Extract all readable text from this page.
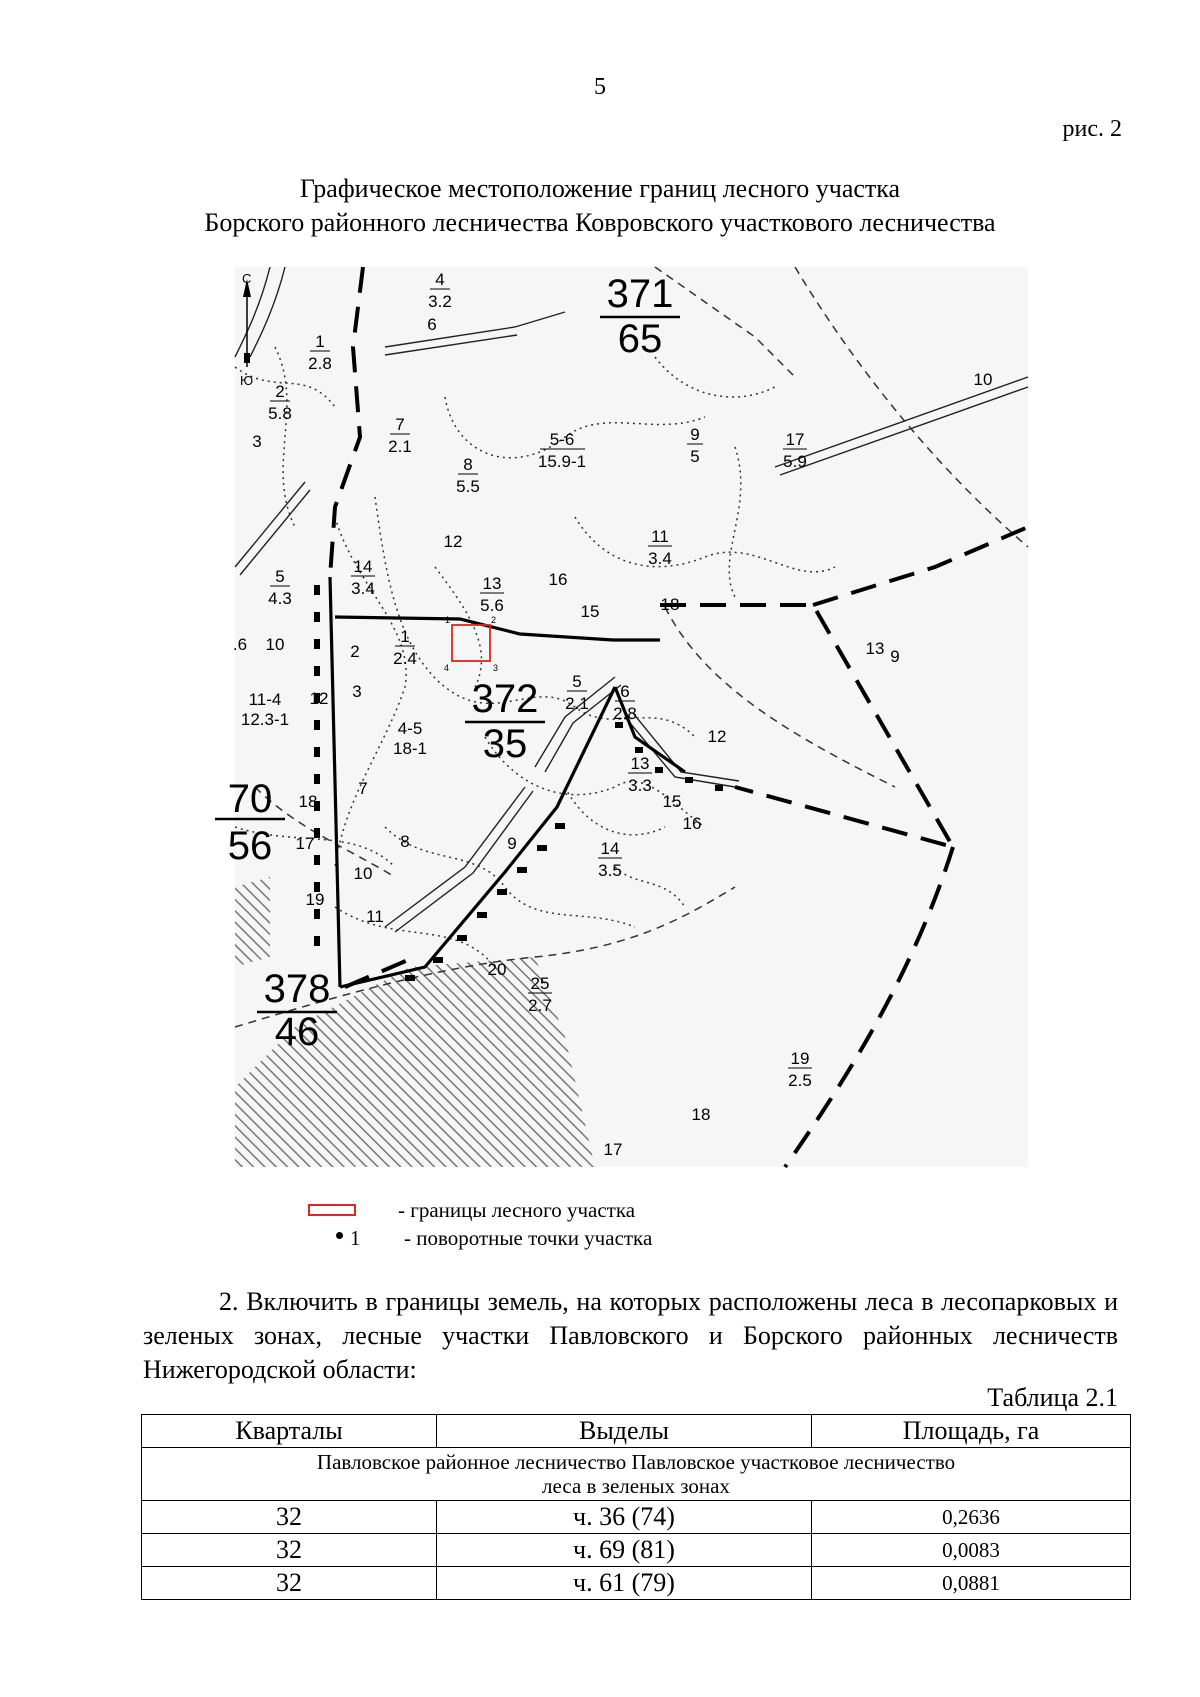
5
рис. 2
Графическое местоположение границ лесного участка
Борского районного лесничества Ковровского участкового лесничества
С
Ю
1	2
3
4
371
65
372
35
378
46
70
56
4
3.2
1
2.8
2
5.8
7
2.1
8
5.5
5-6
15.9-1
9
5
17
5.9
11
3.4
5
4.3
14
3.4	13
5.6
1
2.4
5
2.1
6
2.8
13
3.3
14
3.5
25
2.7
19
2.5
3
6
10
12
16
15	18
9
.6 10	2
3
11-4
12.3-1
12
4-5
18-1
18
17
7
8	9
10
11
19
12
15
16
13
20
17
18
- границы лесного участка
1 - поворотные точки участка
2. Включить в границы земель, на которых расположены леса в лесопарковых и зеленых зонах, лесные участки Павловского и Борского районных лесничеств Нижегородской области:
Таблица 2.1
Кварталы	Выделы	Площадь, га

Павловское районное лесничество Павловское участковое лесничество
леса в зеленых зонах		

32	ч. 36 (74)	0,2636
32	ч. 69 (81)	0,0083
32	ч. 61 (79)	0,0881
